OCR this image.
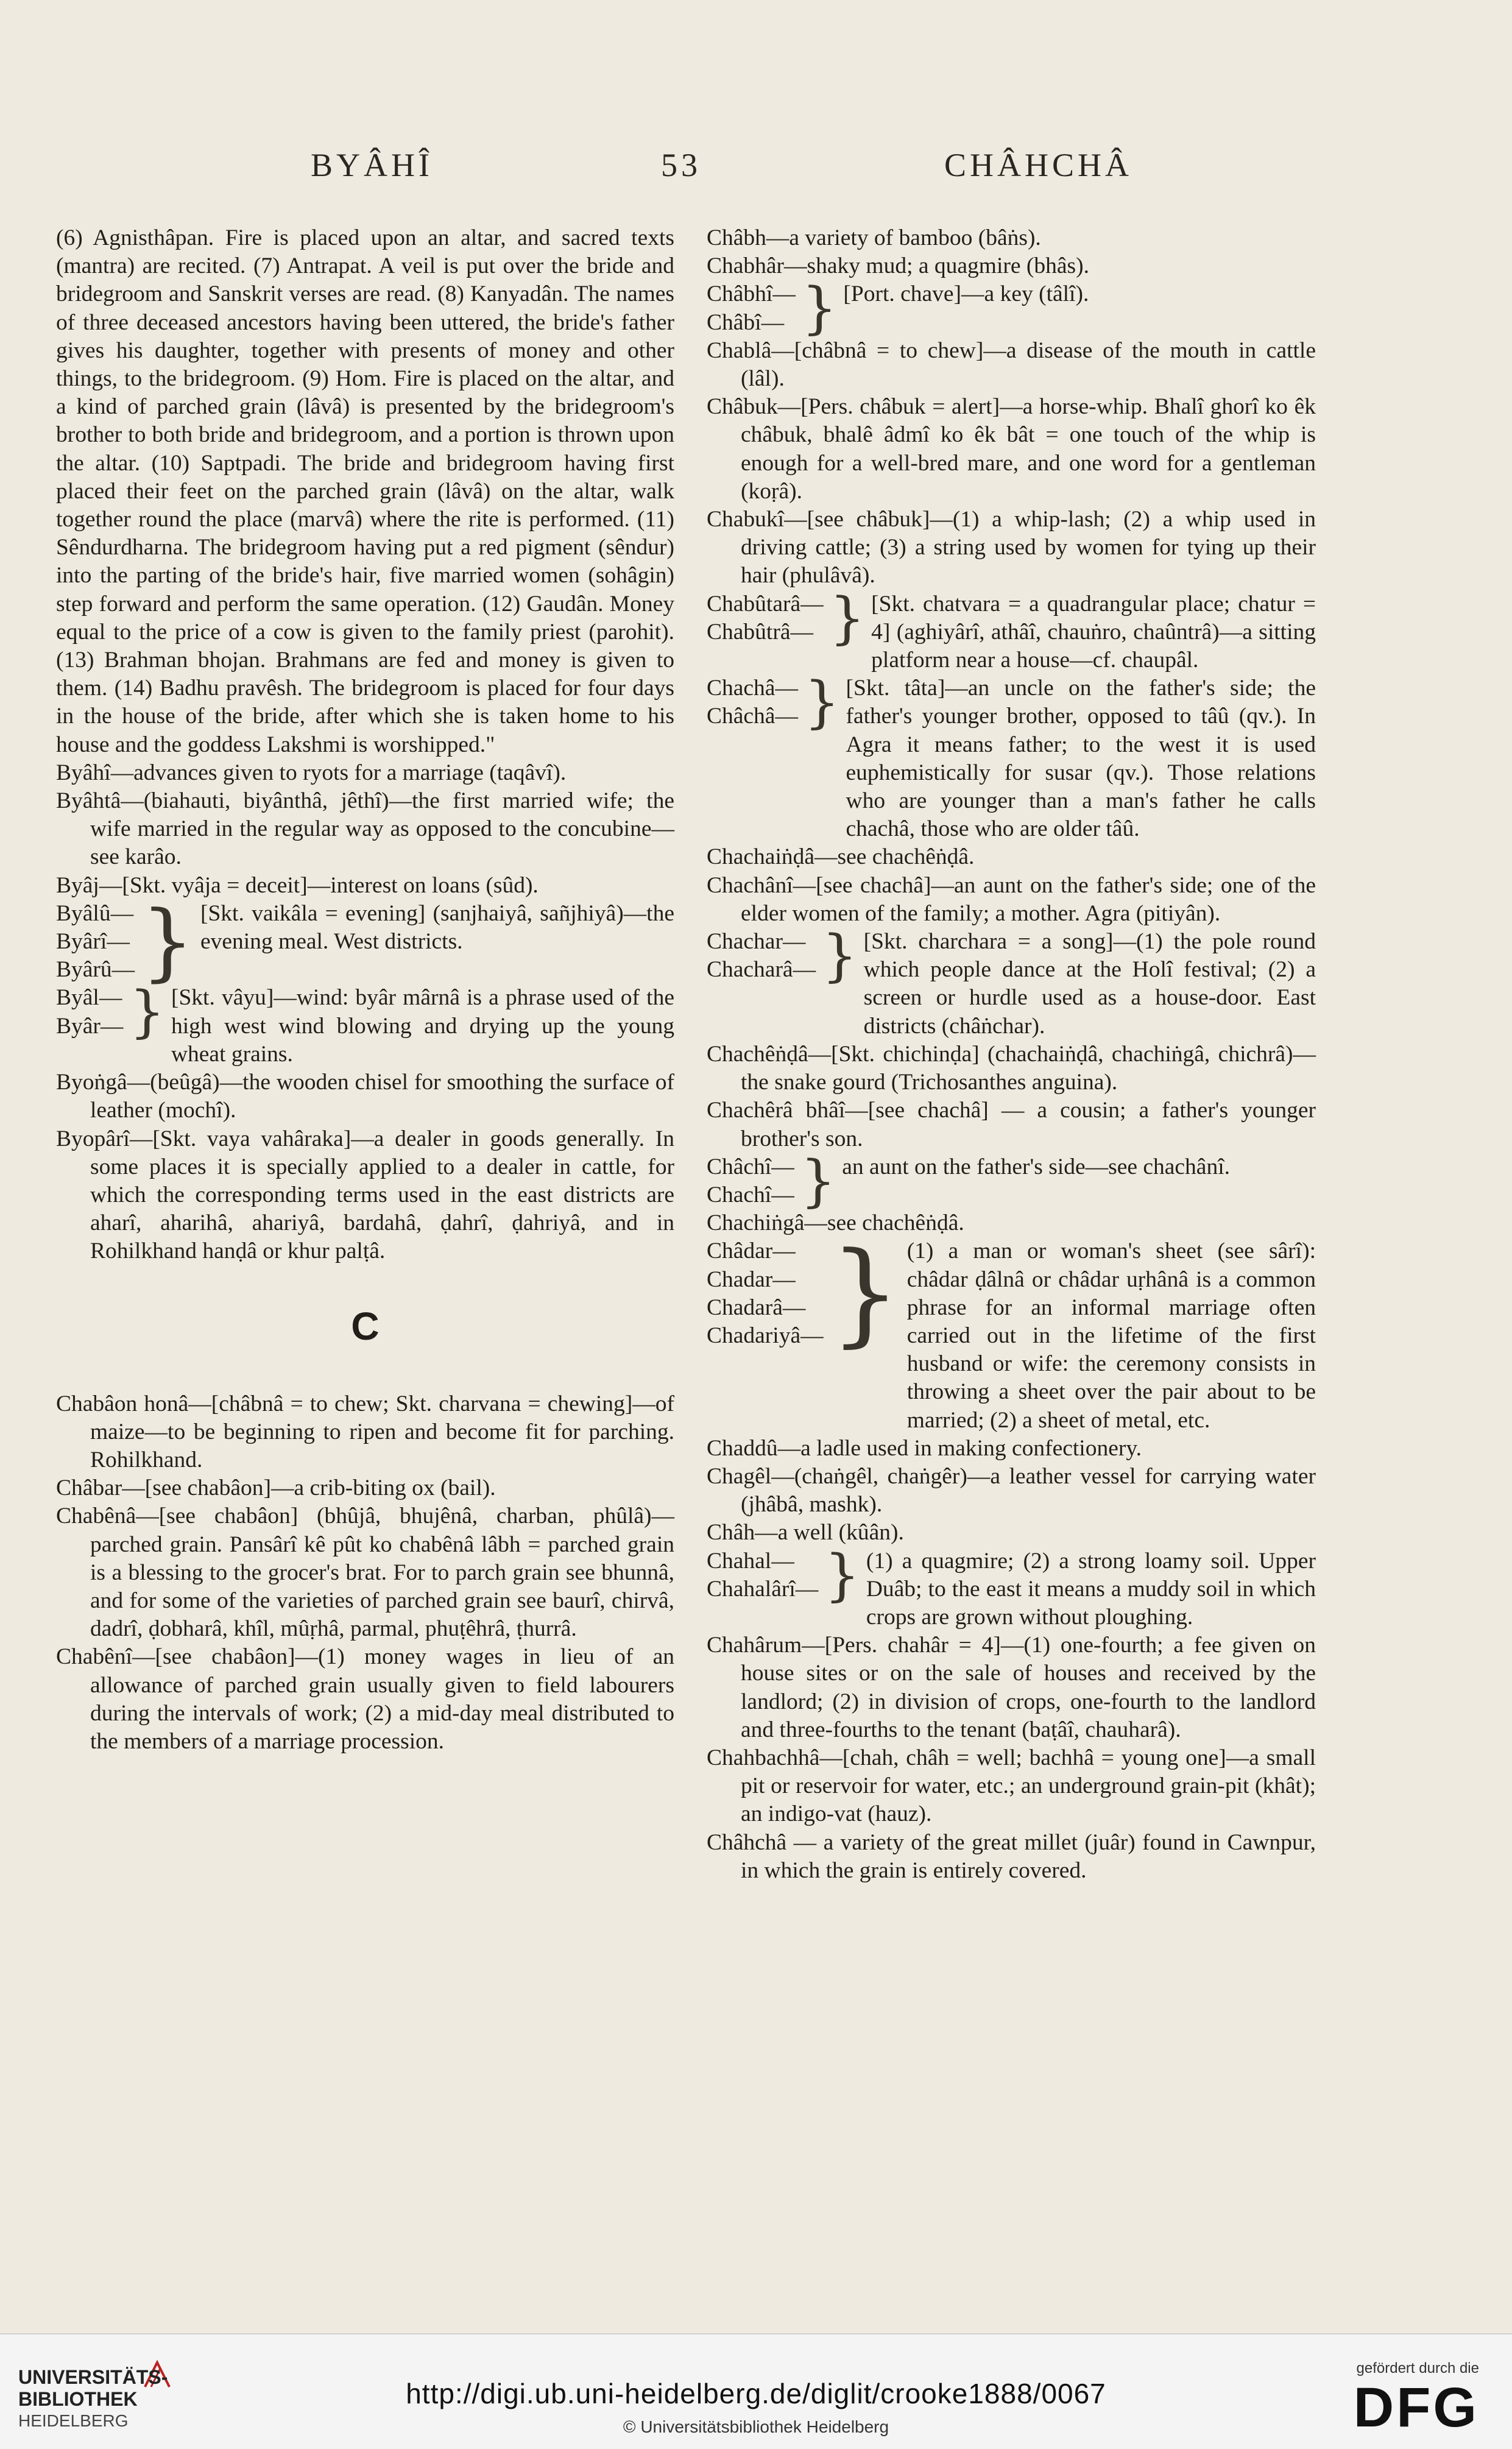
BYÂHÎ	53	CHÂHCHÂ

(6) Agnisthâpan. Fire is placed upon an altar, and sacred texts (mantra) are recited. (7) Antrapat. A veil is put over the bride and bridegroom and Sanskrit verses are read. (8) Kanyadân. The names of three deceased ancestors having been uttered, the bride's father gives his daughter, together with presents of money and other things, to the bridegroom. (9) Hom. Fire is placed on the altar, and a kind of parched grain (lâvâ) is presented by the bridegroom's brother to both bride and bridegroom, and a portion is thrown upon the altar. (10) Saptpadi. The bride and bridegroom having first placed their feet on the parched grain (lâvâ) on the altar, walk together round the place (marvâ) where the rite is performed. (11) Sêndurdharna. The bridegroom having put a red pigment (sêndur) into the parting of the bride's hair, five married women (sohâgin) step forward and perform the same operation. (12) Gaudân. Money equal to the price of a cow is given to the family priest (parohit). (13) Brahman bhojan. Brahmans are fed and money is given to them. (14) Badhu pravêsh. The bridegroom is placed for four days in the house of the bride, after which she is taken home to his house and the goddess Lakshmi is worshipped."

Byâhî—advances given to ryots for a marriage (taqâvî).

Byâhtâ—(biahauti, biyânthâ, jêthî)—the first married wife; the wife married in the regular way as opposed to the concubine—see karâo.

Byâj—[Skt. vyâja = deceit]—interest on loans (sûd).

Byâlû—
Byârî—
Byârû— } [Skt. vaikâla = evening] (sanjhaiyâ, sañjhiyâ)—the evening meal. West districts.
Byâl—
Byâr— } [Skt. vâyu]—wind: byâr mârnâ is a phrase used of the high west wind blowing and drying up the young wheat grains.

Byoṅgâ—(beûgâ)—the wooden chisel for smoothing the surface of leather (mochî).

Byopârî—[Skt. vaya vahâraka]—a dealer in goods generally. In some places it is specially applied to a dealer in cattle, for which the corresponding terms used in the east districts are aharî, aharihâ, ahariyâ, bardahâ, ḍahrî, ḍahriyâ, and in Rohilkhand hanḍâ or khur palṭâ.

C

Chabâon honâ—[châbnâ = to chew; Skt. charvana = chewing]—of maize—to be beginning to ripen and become fit for parching. Rohilkhand.

Châbar—[see chabâon]—a crib-biting ox (bail).

Chabênâ—[see chabâon] (bhûjâ, bhujênâ, charban, phûlâ)—parched grain. Pansârî kê pût ko chabênâ lâbh = parched grain is a blessing to the grocer's brat. For to parch grain see bhunnâ, and for some of the varieties of parched grain see baurî, chirvâ, dadrî, ḍobharâ, khîl, mûṛhâ, parmal, phuṭêhrâ, ṭhurrâ.

Chabênî—[see chabâon]—(1) money wages in lieu of an allowance of parched grain usually given to field labourers during the intervals of work; (2) a mid-day meal distributed to the members of a marriage procession.

Châbh—a variety of bamboo (bâṅs).

Chabhâr—shaky mud; a quagmire (bhâs).

Châbhî—
Châbî— } [Port. chave]—a key (tâlî).

Chablâ—[châbnâ = to chew]—a disease of the mouth in cattle (lâl).

Châbuk—[Pers. châbuk = alert]—a horse-whip. Bhalî ghorî ko êk châbuk, bhalê âdmî ko êk bât = one touch of the whip is enough for a well-bred mare, and one word for a gentleman (koṛâ).

Chabukî—[see châbuk]—(1) a whip-lash; (2) a whip used in driving cattle; (3) a string used by women for tying up their hair (phulâvâ).

Chabûtarâ—
Chabûtrâ— } [Skt. chatvara = a quadrangular place; chatur = 4] (aghiyârî, athâî, chauṅro, chaûntrâ)—a sitting platform near a house—cf. chaupâl.
Chachâ—
Châchâ— } [Skt. tâta]—an uncle on the father's side; the father's younger brother, opposed to tâû (qv.). In Agra it means father; to the west it is used euphemistically for susar (qv.). Those relations who are younger than a man's father he calls chachâ, those who are older tâû.

Chachaiṅḍâ—see chachêṅḍâ.

Chachânî—[see chachâ]—an aunt on the father's side; one of the elder women of the family; a mother. Agra (pitiyân).

Chachar—
Chacharâ— } [Skt. charchara = a song]—(1) the pole round which people dance at the Holî festival; (2) a screen or hurdle used as a house-door. East districts (châṅchar).

Chachêṅḍâ—[Skt. chichinḍa] (chachaiṅḍâ, chachiṅgâ, chichrâ)—the snake gourd (Trichosanthes anguina).

Chachêrâ bhâî—[see chachâ] — a cousin; a father's younger brother's son.

Châchî—
Chachî— } an aunt on the father's side—see chachânî.

Chachiṅgâ—see chachêṅḍâ.

Châdar—
Chadar—
Chadarâ—
Chadariyâ— } (1) a man or woman's sheet (see sârî): châdar ḍâlnâ or châdar uṛhânâ is a common phrase for an informal marriage often carried out in the lifetime of the first husband or wife: the ceremony consists in throwing a sheet over the pair about to be married; (2) a sheet of metal, etc.

Chaddû—a ladle used in making confectionery.

Chagêl—(chaṅgêl, chaṅgêr)—a leather vessel for carrying water (jhâbâ, mashk).

Châh—a well (kûân).

Chahal—
Chahalârî— } (1) a quagmire; (2) a strong loamy soil. Upper Duâb; to the east it means a muddy soil in which crops are grown without ploughing.

Chahârum—[Pers. chahâr = 4]—(1) one-fourth; a fee given on house sites or on the sale of houses and received by the landlord; (2) in division of crops, one-fourth to the landlord and three-fourths to the tenant (baṭâî, chauharâ).

Chahbachhâ—[chah, châh = well; bachhâ = young one]—a small pit or reservoir for water, etc.; an underground grain-pit (khât); an indigo-vat (hauz).

Châhchâ — a variety of the great millet (juâr) found in Cawnpur, in which the grain is entirely covered.

UNIVERSITÄTS-
BIBLIOTHEK
HEIDELBERG
http://digi.ub.uni-heidelberg.de/diglit/crooke1888/0067
© Universitätsbibliothek Heidelberg
gefördert durch die
DFG
